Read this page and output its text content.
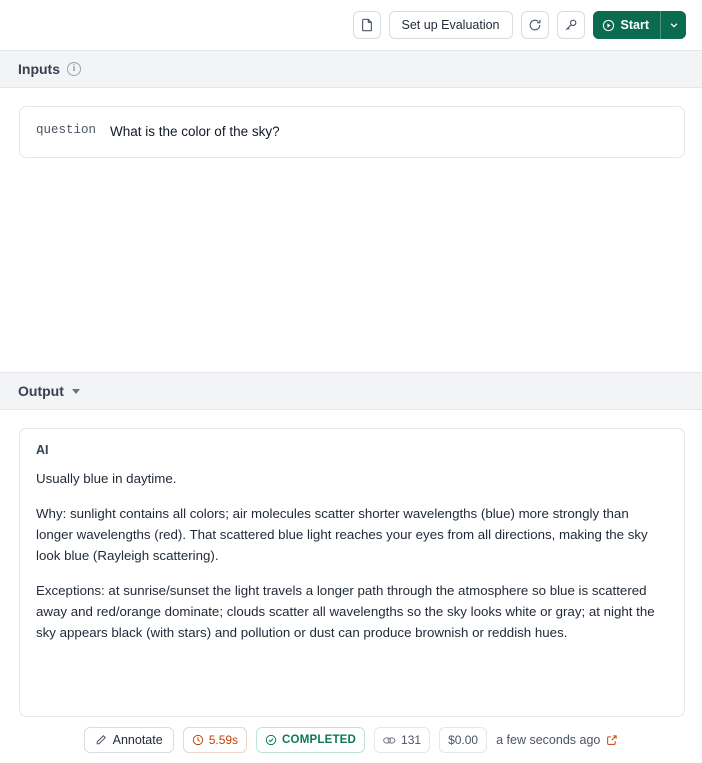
Set up Evaluation	Start
Inputs	i
question What is the color of the sky?
Output
AI

Usually blue in daytime.

Why: sunlight contains all colors; air molecules scatter shorter wavelengths (blue) more strongly than longer wavelengths (red). That scattered blue light reaches your eyes from all directions, making the sky look blue (Rayleigh scattering).

Exceptions: at sunrise/sunset the light travels a longer path through the atmosphere so blue is scattered away and red/orange dominate; clouds scatter all wavelengths so the sky looks white or gray; at night the sky appears black (with stars) and pollution or dust can produce brownish or reddish hues.

Annotate	5.59s	COMPLETED	131 $0.00 a few seconds ago
